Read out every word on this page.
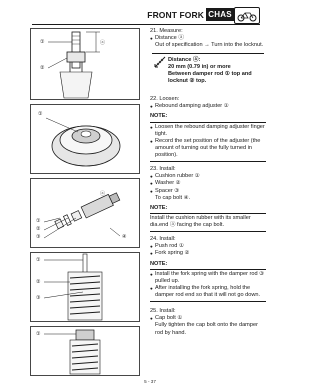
FRONT FORK CHAS
①
②
ⓐ
①
①
②
③	④
ⓐ
①
②
③
①

21. Measure:

● Distance ⓐ

Out of specification → Turn into the locknut.

Distance ⓐ:
20 mm (0.79 in) or more
Between damper rod ① top and
locknut ② top.

22. Loosen:

● Rebound damping adjuster ①

NOTE:

● Loosen the rebound damping adjuster finger tight.

● Record the set position of the adjuster (the amount of turning out the fully turned in position).

23. Install:

● Cushion rubber ①

● Washer ②

● Spacer ③

To cap bolt ④.

NOTE:

Install the cushion rubber with its smaller dia.end ⓐ facing the cap bolt.

24. Install:

● Push rod ①

● Fork spring ②

NOTE:

● Install the fork spring with the damper rod ③ pulled up.

● After installing the fork spring, hold the damper rod end so that it will not go down.

25. Install:

● Cap bolt ①

Fully tighten the cap bolt onto the damper rod by hand.

5 - 37
